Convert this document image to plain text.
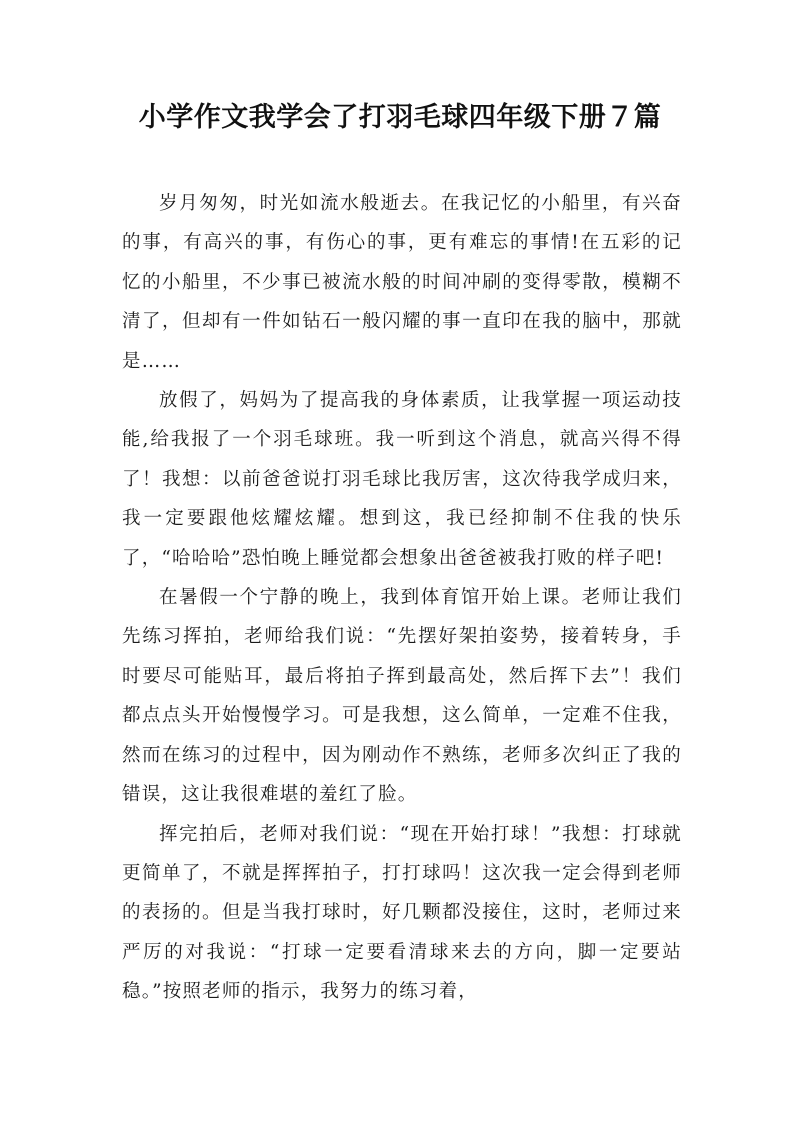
小学作文我学会了打羽毛球四年级下册７篇

岁月匆匆，时光如流水般逝去。在我记忆的小船里，有兴奋的事，有高兴的事，有伤心的事，更有难忘的事情!在五彩的记忆的小船里，不少事已被流水般的时间冲刷的变得零散，模糊不清了，但却有一件如钻石一般闪耀的事一直印在我的脑中，那就是……

放假了，妈妈为了提高我的身体素质，让我掌握一项运动技能,给我报了一个羽毛球班。我一听到这个消息，就高兴得不得了！我想：以前爸爸说打羽毛球比我厉害，这次待我学成归来，我一定要跟他炫耀炫耀。想到这，我已经抑制不住我的快乐了，“哈哈哈”恐怕晚上睡觉都会想象出爸爸被我打败的样子吧!

在暑假一个宁静的晚上，我到体育馆开始上课。老师让我们先练习挥拍，老师给我们说：“先摆好架拍姿势，接着转身，手时要尽可能贴耳，最后将拍子挥到最高处，然后挥下去”！我们都点点头开始慢慢学习。可是我想，这么简单，一定难不住我，然而在练习的过程中，因为刚动作不熟练，老师多次纠正了我的错误，这让我很难堪的羞红了脸。

挥完拍后，老师对我们说：“现在开始打球！”我想：打球就更简单了，不就是挥挥拍子，打打球吗！这次我一定会得到老师的表扬的。但是当我打球时，好几颗都没接住，这时，老师过来严厉的对我说：“打球一定要看清球来去的方向，脚一定要站稳。”按照老师的指示，我努力的练习着，
